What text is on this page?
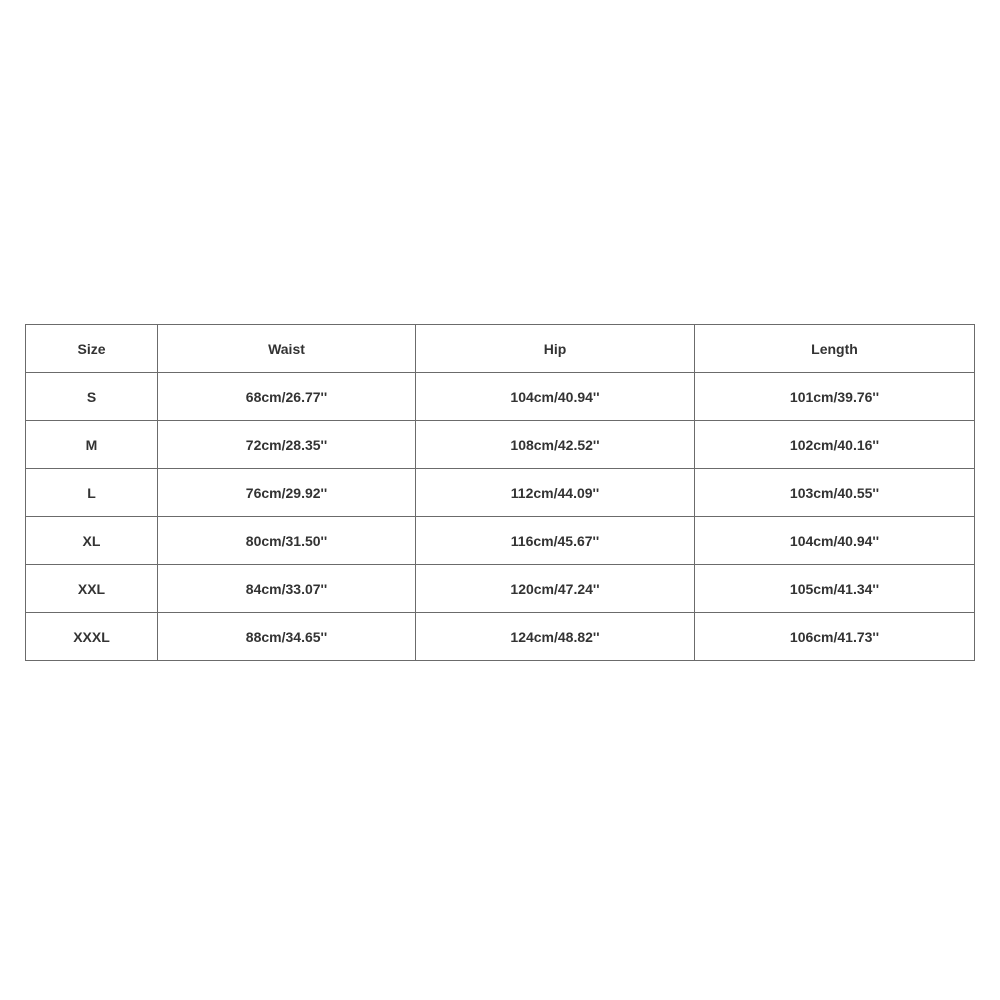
Size	Waist	Hip	Length
S	68cm/26.77''	104cm/40.94''	101cm/39.76''
M	72cm/28.35''	108cm/42.52''	102cm/40.16''
L	76cm/29.92''	112cm/44.09''	103cm/40.55''
XL	80cm/31.50''	116cm/45.67''	104cm/40.94''
XXL	84cm/33.07''	120cm/47.24''	105cm/41.34''
XXXL	88cm/34.65''	124cm/48.82''	106cm/41.73''
